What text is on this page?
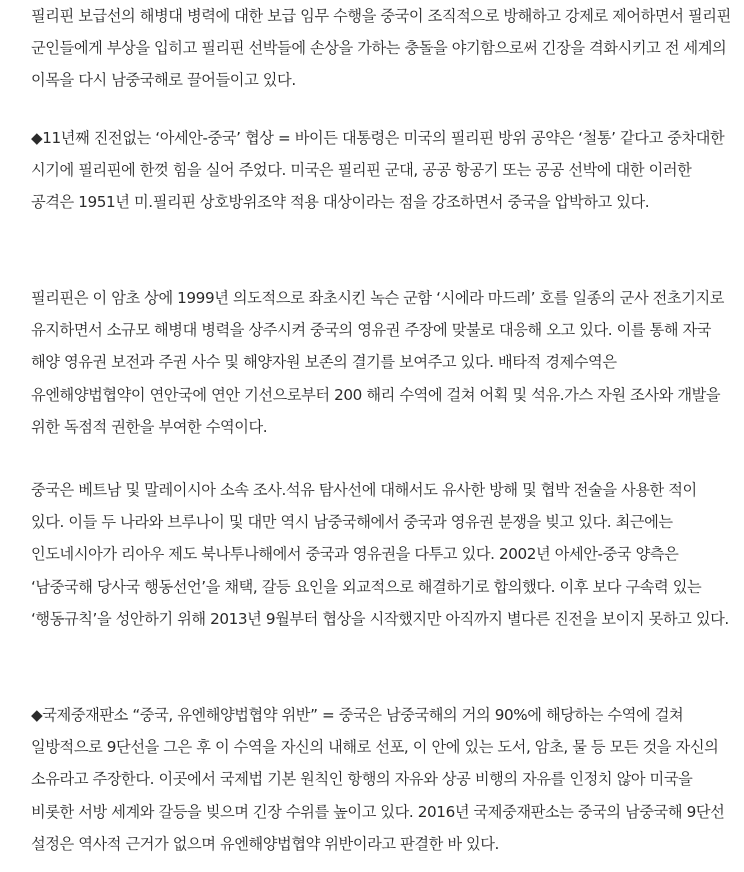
필리핀 보급선의 해병대 병력에 대한 보급 임무 수행을 중국이 조직적으로 방해하고 강제로 제어하면서 필리핀 군인들에게 부상을 입히고 필리핀 선박들에 손상을 가하는 충돌을 야기함으로써 긴장을 격화시키고 전 세계의 이목을 다시 남중국해로 끌어들이고 있다.

◆11년째 진전없는 ‘아세안-중국’ 협상 = 바이든 대통령은 미국의 필리핀 방위 공약은 ‘철통’ 같다고 중차대한 시기에 필리핀에 한껏 힘을 실어 주었다. 미국은 필리핀 군대, 공공 항공기 또는 공공 선박에 대한 이러한 공격은 1951년 미.필리핀 상호방위조약 적용 대상이라는 점을 강조하면서 중국을 압박하고 있다.

필리핀은 이 암초 상에 1999년 의도적으로 좌초시킨 녹슨 군함 ‘시에라 마드레’ 호를 일종의 군사 전초기지로 유지하면서 소규모 해병대 병력을 상주시켜 중국의 영유권 주장에 맞불로 대응해 오고 있다. 이를 통해 자국 해양 영유권 보전과 주권 사수 및 해양자원 보존의 결기를 보여주고 있다. 배타적 경제수역은 유엔해양법협약이 연안국에 연안 기선으로부터 200 해리 수역에 걸쳐 어획 및 석유.가스 자원 조사와 개발을 위한 독점적 권한을 부여한 수역이다.

중국은 베트남 및 말레이시아 소속 조사.석유 탐사선에 대해서도 유사한 방해 및 협박 전술을 사용한 적이 있다. 이들 두 나라와 브루나이 및 대만 역시 남중국해에서 중국과 영유권 분쟁을 빚고 있다. 최근에는 인도네시아가 리아우 제도 북나투나해에서 중국과 영유권을 다투고 있다. 2002년 아세안-중국 양측은 ‘남중국해 당사국 행동선언’을 채택, 갈등 요인을 외교적으로 해결하기로 합의했다. 이후 보다 구속력 있는 ‘행동규칙’을 성안하기 위해 2013년 9월부터 협상을 시작했지만 아직까지 별다른 진전을 보이지 못하고 있다.

◆국제중재판소 “중국, 유엔해양법협약 위반” = 중국은 남중국해의 거의 90%에 해당하는 수역에 걸쳐 일방적으로 9단선을 그은 후 이 수역을 자신의 내해로 선포, 이 안에 있는 도서, 암초, 물 등 모든 것을 자신의 소유라고 주장한다. 이곳에서 국제법 기본 원칙인 항행의 자유와 상공 비행의 자유를 인정치 않아 미국을 비롯한 서방 세계와 갈등을 빚으며 긴장 수위를 높이고 있다. 2016년 국제중재판소는 중국의 남중국해 9단선 설정은 역사적 근거가 없으며 유엔해양법협약 위반이라고 판결한 바 있다.
